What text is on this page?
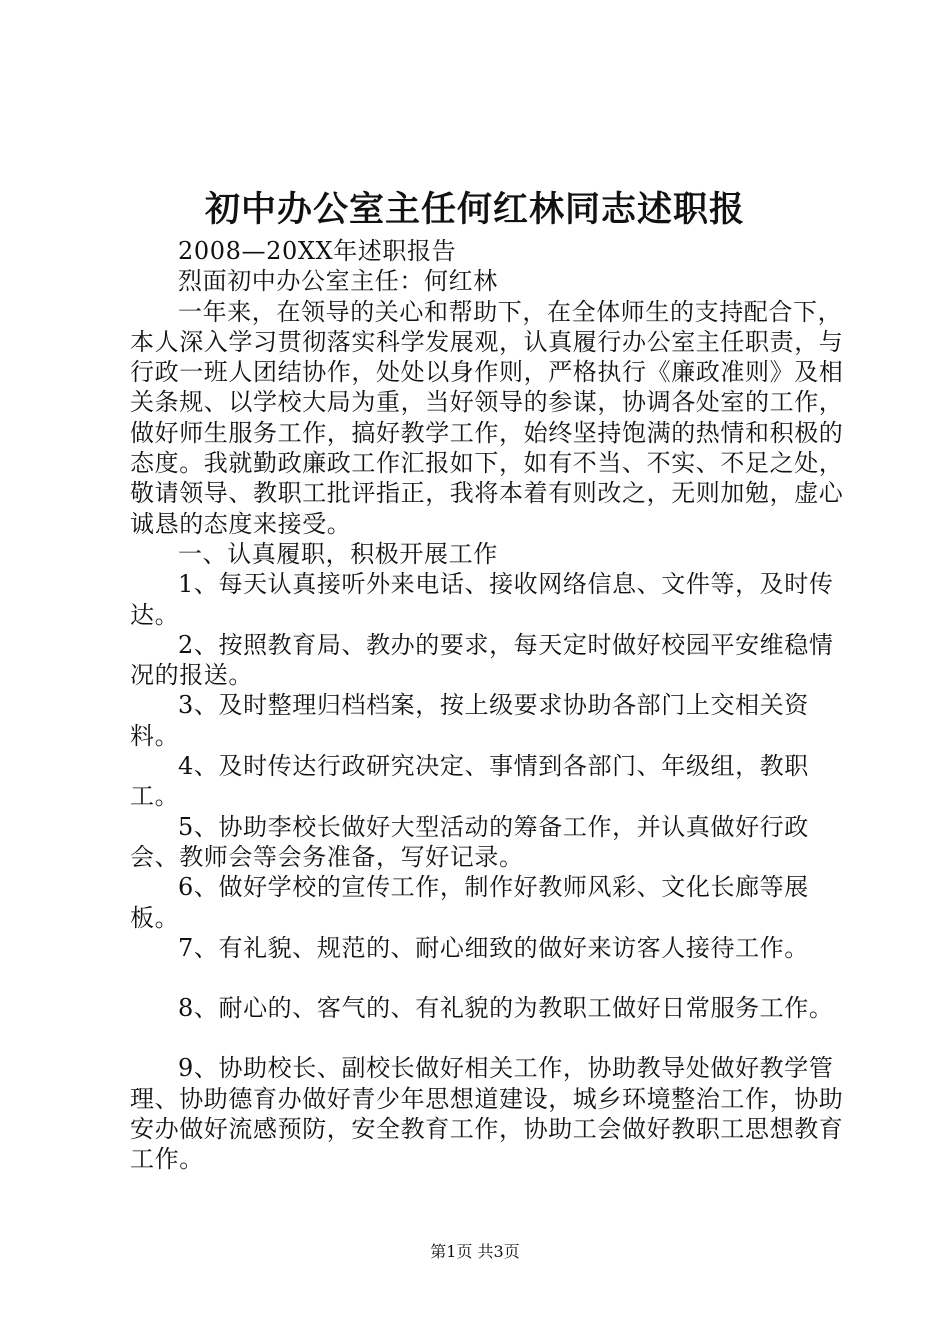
初中办公室主任何红林同志述职报

2008—20XX年述职报告

烈面初中办公室主任：何红林

一年来，在领导的关心和帮助下，在全体师生的支持配合下，本人深入学习贯彻落实科学发展观，认真履行办公室主任职责，与行政一班人团结协作，处处以身作则，严格执行《廉政准则》及相关条规、以学校大局为重，当好领导的参谋，协调各处室的工作，做好师生服务工作，搞好教学工作，始终坚持饱满的热情和积极的态度。我就勤政廉政工作汇报如下，如有不当、不实、不足之处，敬请领导、教职工批评指正，我将本着有则改之，无则加勉，虚心诚恳的态度来接受。

一、认真履职，积极开展工作

1、每天认真接听外来电话、接收网络信息、文件等，及时传达。

2、按照教育局、教办的要求，每天定时做好校园平安维稳情况的报送。

3、及时整理归档档案，按上级要求协助各部门上交相关资料。

4、及时传达行政研究决定、事情到各部门、年级组，教职工。

5、协助李校长做好大型活动的筹备工作，并认真做好行政会、教师会等会务准备，写好记录。

6、做好学校的宣传工作，制作好教师风彩、文化长廊等展板。

7、有礼貌、规范的、耐心细致的做好来访客人接待工作。

8、耐心的、客气的、有礼貌的为教职工做好日常服务工作。

9、协助校长、副校长做好相关工作，协助教导处做好教学管理、协助德育办做好青少年思想道建设，城乡环境整治工作，协助安办做好流感预防，安全教育工作，协助工会做好教职工思想教育工作。

第1页 共3页
